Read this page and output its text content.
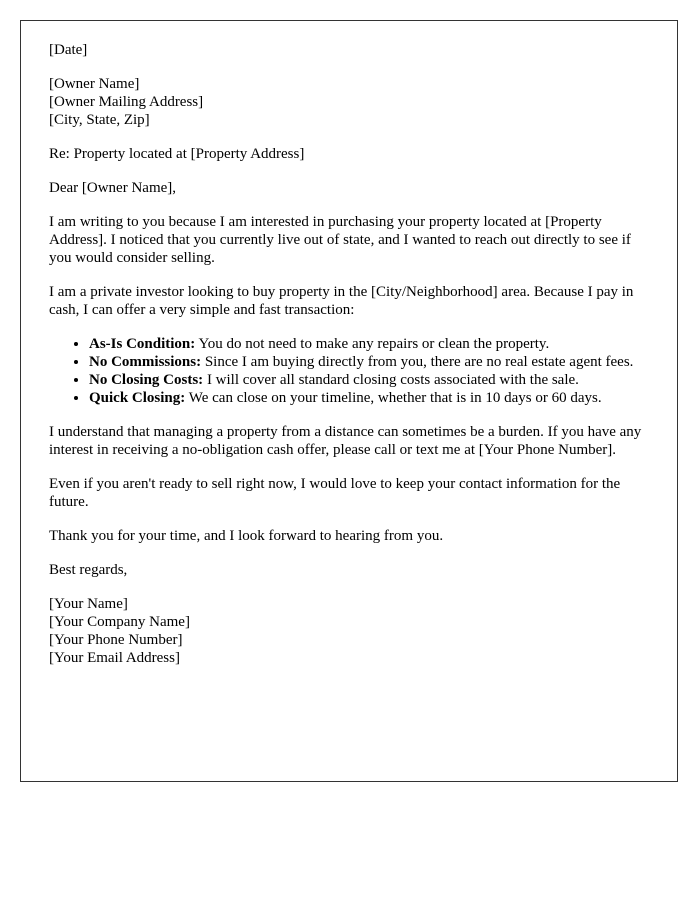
[Date]

[Owner Name]
[Owner Mailing Address]
[City, State, Zip]

Re: Property located at [Property Address]

Dear [Owner Name],

I am writing to you because I am interested in purchasing your property located at [Property Address]. I noticed that you currently live out of state, and I wanted to reach out directly to see if you would consider selling.

I am a private investor looking to buy property in the [City/Neighborhood] area. Because I pay in cash, I can offer a very simple and fast transaction:

• As-Is Condition: You do not need to make any repairs or clean the property.
• No Commissions: Since I am buying directly from you, there are no real estate agent fees.
• No Closing Costs: I will cover all standard closing costs associated with the sale.
• Quick Closing: We can close on your timeline, whether that is in 10 days or 60 days.

I understand that managing a property from a distance can sometimes be a burden. If you have any interest in receiving a no-obligation cash offer, please call or text me at [Your Phone Number].

Even if you aren't ready to sell right now, I would love to keep your contact information for the future.

Thank you for your time, and I look forward to hearing from you.

Best regards,

[Your Name]
[Your Company Name]
[Your Phone Number]
[Your Email Address]
